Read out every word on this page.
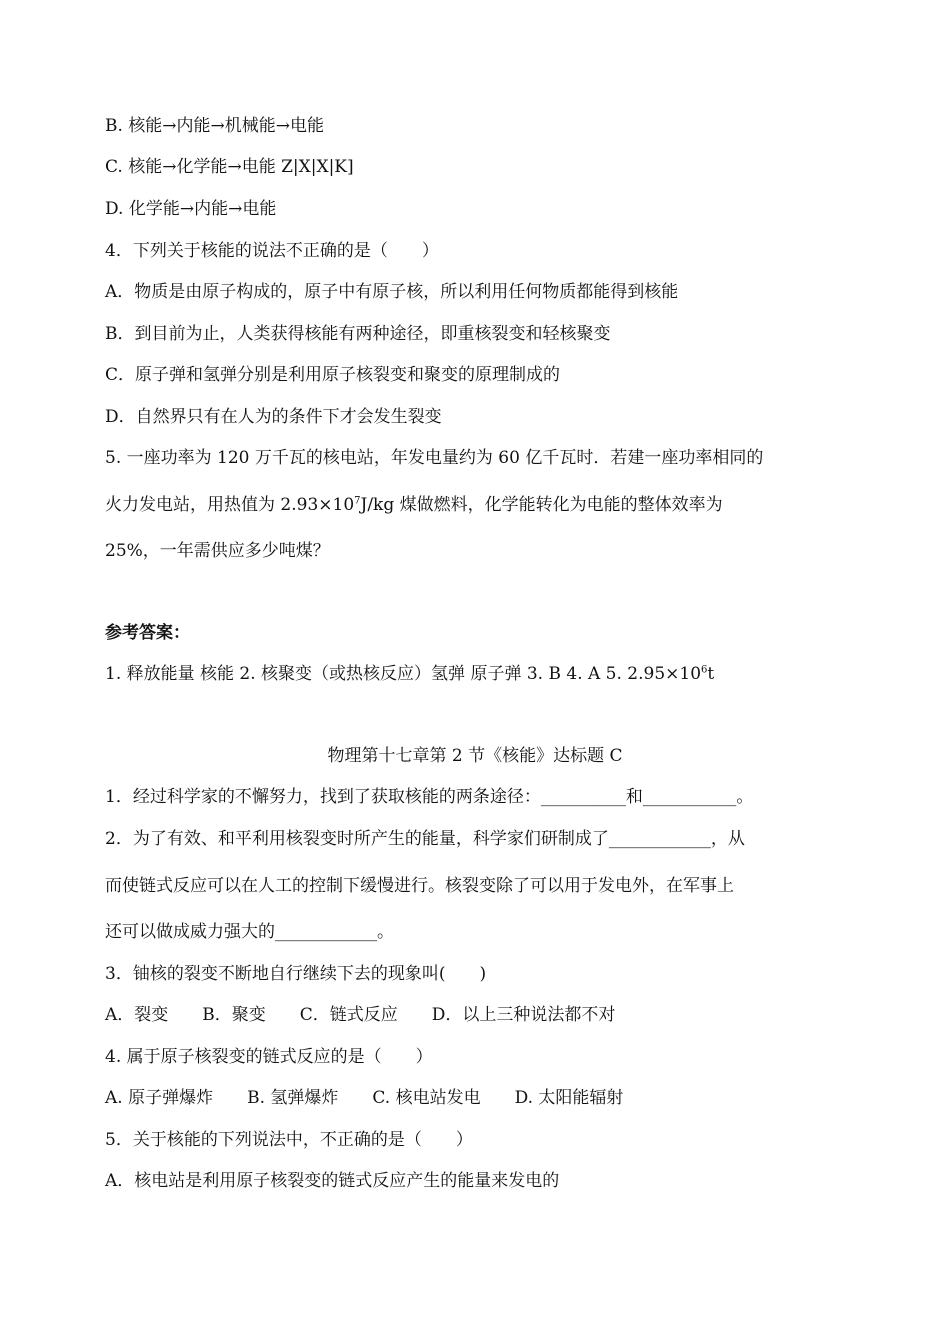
B. 核能→内能→机械能→电能
C. 核能→化学能→电能 Z|X|X|K]
D. 化学能→内能→电能
4．下列关于核能的说法不正确的是（　　）
A．物质是由原子构成的，原子中有原子核，所以利用任何物质都能得到核能
B．到目前为止，人类获得核能有两种途径，即重核裂变和轻核聚变
C．原子弹和氢弹分别是利用原子核裂变和聚变的原理制成的
D．自然界只有在人为的条件下才会发生裂变
5. 一座功率为 120 万千瓦的核电站，年发电量约为 60 亿千瓦时．若建一座功率相同的
火力发电站，用热值为 $2.93\times 10^7J/kg$ 煤做燃料，化学能转化为电能的整体效率为
25%，一年需供应多少吨煤？
参考答案：
1. 释放能量 核能 2. 核聚变（或热核反应）氢弹 原子弹 3. B 4. A 5. $2.95\times 10^6t$
物理第十七章第 2 节《核能》达标题 C
1．经过科学家的不懈努力，找到了获取核能的两条途径：__________和___________。
2．为了有效、和平利用核裂变时所产生的能量，科学家们研制成了____________，从
而使链式反应可以在人工的控制下缓慢进行。核裂变除了可以用于发电外，在军事上
还可以做成威力强大的____________。
3．铀核的裂变不断地自行继续下去的现象叫(　　)
A．裂变　　B．聚变　　C．链式反应　　D．以上三种说法都不对
4. 属于原子核裂变的链式反应的是（　　）
A. 原子弹爆炸　　B. 氢弹爆炸　　C. 核电站发电　　D. 太阳能辐射
5．关于核能的下列说法中，不正确的是（　　）
A．核电站是利用原子核裂变的链式反应产生的能量来发电的
